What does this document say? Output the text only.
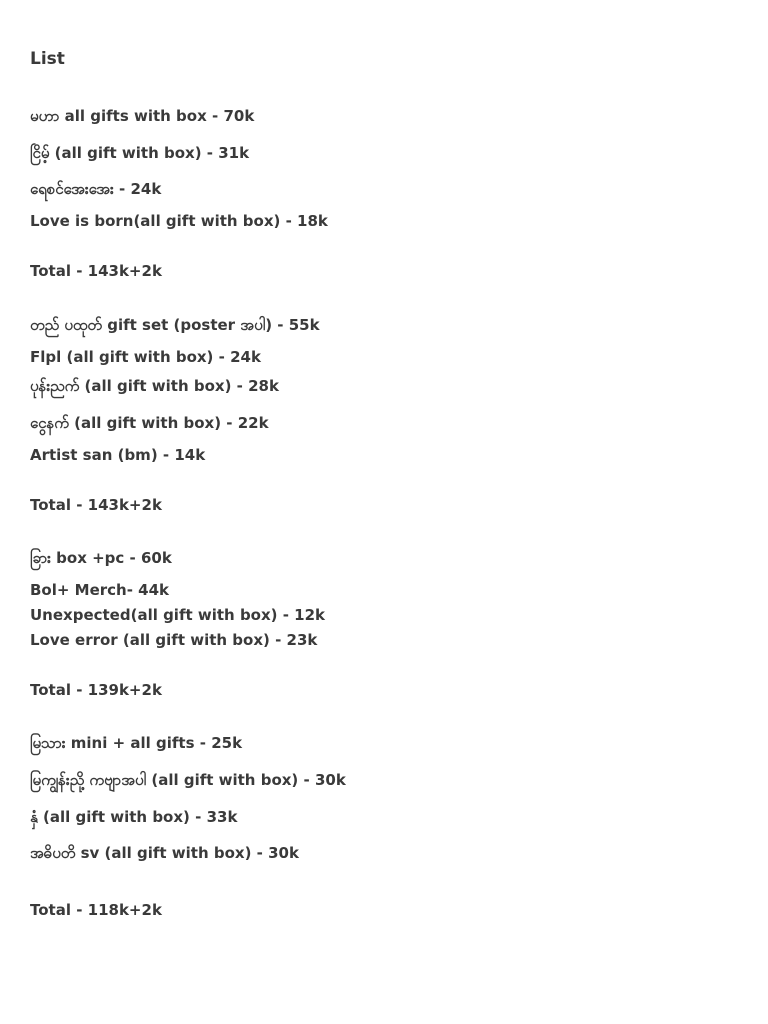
List
မဟာ all gifts with box - 70k
ငြိမ့် (all gift with box) - 31k
ရေစင်အေးအေး - 24k
Love is born(all gift with box) - 18k
Total - 143k+2k
တည် ပထုတ် gift set (poster အပါ) - 55k
Flpl (all gift with box) - 24k
ပုန်းညက် (all gift with box) - 28k
ငွေနက် (all gift with box) - 22k
Artist san (bm) - 14k
Total - 143k+2k
ခြား box +pc - 60k
Bol+ Merch- 44k
Unexpected(all gift with box) - 12k
Love error (all gift with box) - 23k
Total - 139k+2k
မြသား mini + all gifts - 25k
မြကျွန်းညို့ ကဗျာအပါ (all gift with box) - 30k
နှံ (all gift with box) - 33k
အဓိပတိ sv (all gift with box) - 30k
Total - 118k+2k
